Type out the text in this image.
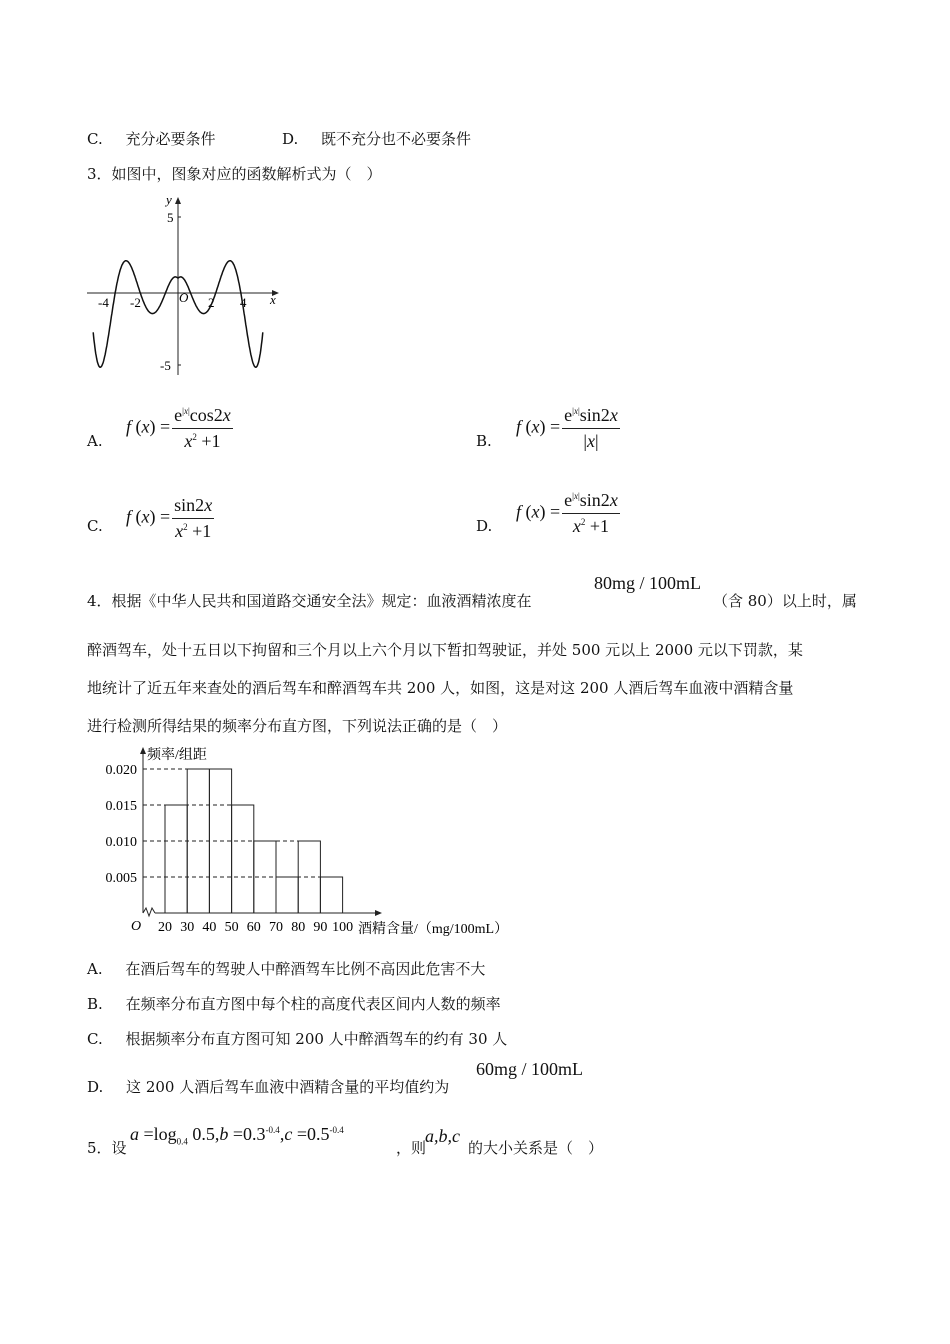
C. 充分必要条件	D. 既不充分也不必要条件
3．如图中，图象对应的函数解析式为（　）
y
x
O
-4 -2	2 4
5
-5
A.
f $(x) = \frac{e^{|x|}\cos 2x}{x^2 +1}$	B.
f $(x) = \frac{e^{|x|}\sin 2x}{|x|}$
C. f $(x) = \frac{\sin 2x}{x^2 +1}$	D.
f $(x) = \frac{e^{|x|}\sin 2x}{x^2 +1}$
4．根据《中华人民共和国道路交通安全法》规定：血液酒精浓度在
80mg / 100mL
（含 80）以上时，属
醉酒驾车，处十五日以下拘留和三个月以上六个月以下暂扣驾驶证，并处 500 元以上 2000 元以下罚款，某
地统计了近五年来查处的酒后驾车和醉酒驾车共 200 人，如图，这是对这 200 人酒后驾车血液中酒精含量
进行检测所得结果的频率分布直方图，下列说法正确的是（　）
频率/组距
O	酒精含量/（mg/100mL）
0.005
0.010
0.015
0.020
20 30 40 50 60 70 80 90 100
A. 在酒后驾车的驾驶人中醉酒驾车比例不高因此危害不大
B. 在频率分布直方图中每个柱的高度代表区间内人数的频率
C. 根据频率分布直方图可知 200 人中醉酒驾车的约有 30 人
D. 这 200 人酒后驾车血液中酒精含量的平均值约为
60mg / 100mL
5．设
$a =\log_{0.4}$ $0.5,b =0.3^{-0.4},c =0.5^{-0.4}$
，则
a,b,c
的大小关系是（　）
